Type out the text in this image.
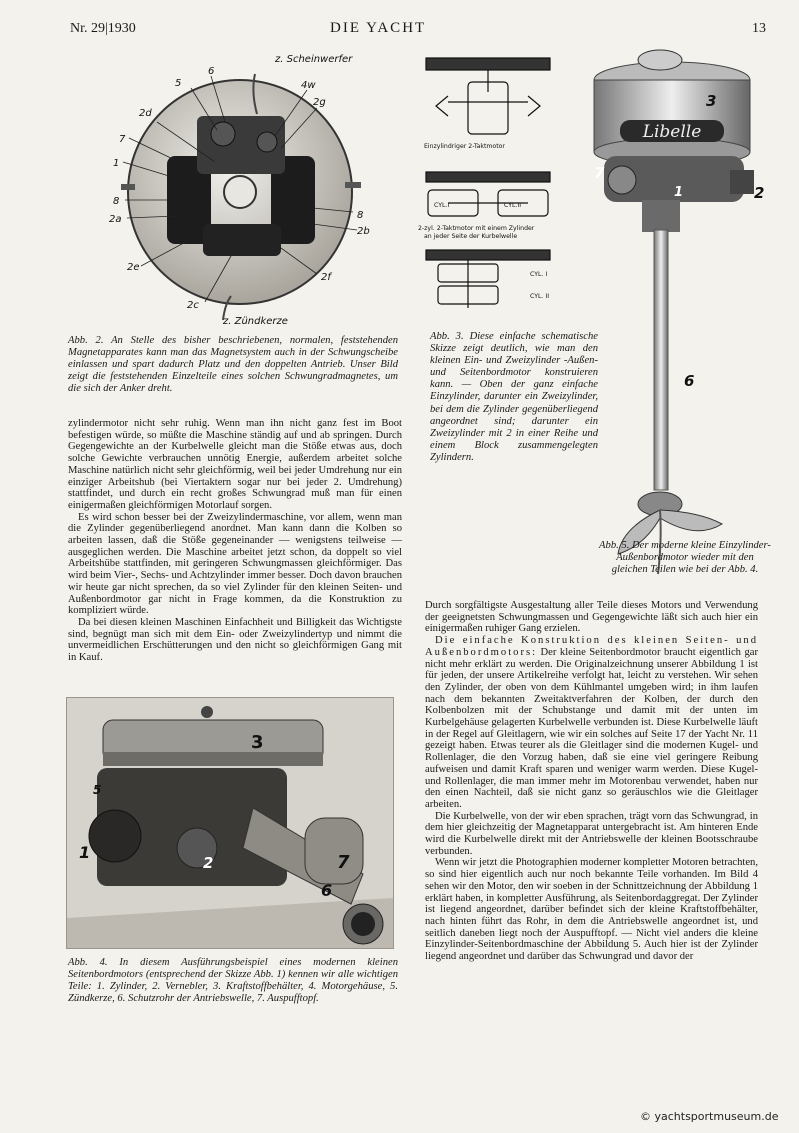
Nr. 29|1930	DIE YACHT	13
z. Scheinwerfer
5
6
4w
2g
2d
7
1
8
2a	8
2b
2e
2f
2c
z. Zündkerze
Abb. 2. An Stelle des bisher beschriebenen, normalen, feststehenden Magnetapparates kann man das Magnetsystem auch in der Schwungscheibe einlassen und spart dadurch Platz und den doppelten Antrieb. Unser Bild zeigt die feststehenden Einzelteile eines solchen Schwungradmagnetes, um die sich der Anker dreht.
Einzylindriger 2-Taktmotor
CYL.I	CYL.II
2-zyl. 2-Taktmotor mit einem Zylinder
an jeder Seite der Kurbelwelle
CYL. I
CYL. II
Abb. 3. Diese einfache schematische Skizze zeigt deutlich, wie man den kleinen Ein- und Zweizylinder -Außen- und Seitenbordmotor konstruieren kann. — Oben der ganz einfache Einzylinder, darunter ein Zweizylinder, bei dem die Zylinder gegenüberliegend angeordnet sind; darunter ein Zweizylinder mit 2 in einer Reihe und einem Block zusammengelegten Zylindern.
Libelle
3
7
1	2
6
Abb. 5. Der moderne kleine Einzylinder-Außenbordmotor wieder mit den gleichen Teilen wie bei der Abb. 4.

zylindermotor nicht sehr ruhig. Wenn man ihn nicht ganz fest im Boot befestigen würde, so müßte die Maschine ständig auf und ab springen. Durch Gegengewichte an der Kurbelwelle gleicht man die Stöße etwas aus, doch solche Gewichte verbrauchen unnötig Energie, außerdem arbeitet solche Maschine natürlich nicht sehr gleichförmig, weil bei jeder Umdrehung nur ein einziger Arbeitshub (bei Viertaktern sogar nur bei jeder 2. Umdrehung) stattfindet, und durch ein recht großes Schwungrad muß man für einen einigermaßen gleichförmigen Motorlauf sorgen.

Es wird schon besser bei der Zweizylindermaschine, vor allem, wenn man die Zylinder gegenüberliegend anordnet. Man kann dann die Kolben so arbeiten lassen, daß die Stöße gegeneinander — wenigstens teilweise — ausgeglichen werden. Die Maschine arbeitet jetzt schon, da doppelt so viel Arbeitshübe stattfinden, mit geringeren Schwungmassen gleichförmiger. Das wird beim Vier-, Sechs- und Achtzylinder immer besser. Doch davon brauchen wir heute gar nicht sprechen, da so viel Zylinder für den kleinen Seiten- und Außenbordmotor gar nicht in Frage kommen, da die Konstruktion zu kompliziert würde.

Da bei diesen kleinen Maschinen Einfachheit und Billigkeit das Wichtigste sind, begnügt man sich mit dem Ein- oder Zweizylindertyp und nimmt die unvermeidlichen Erschütterungen und den nicht so gleichförmigen Gang mit in Kauf.

3
5
1
2	7
6
Abb. 4. In diesem Ausführungsbeispiel eines modernen kleinen Seitenbordmotors (entsprechend der Skizze Abb. 1) kennen wir alle wichtigen Teile: 1. Zylinder, 2. Vernebler, 3. Kraftstoffbehälter, 4. Motorgehäuse, 5. Zündkerze, 6. Schutzrohr der Antriebswelle, 7. Auspufftopf.

Durch sorgfältigste Ausgestaltung aller Teile dieses Motors und Verwendung der geeignetsten Schwungmassen und Gegengewichte läßt sich auch hier ein einigermaßen ruhiger Gang erzielen.

Die einfache Konstruktion des kleinen Seiten- und Außenbordmotors: Der kleine Seitenbordmotor braucht eigentlich gar nicht mehr erklärt zu werden. Die Originalzeichnung unserer Abbildung 1 ist für jeden, der unsere Artikelreihe verfolgt hat, leicht zu verstehen. Wir sehen den Zylinder, der oben von dem Kühlmantel umgeben wird; in ihm laufen nach dem bekannten Zweitaktverfahren der Kolben, der durch den Kolbenbolzen mit der Schubstange und damit mit der unten im Kurbelgehäuse gelagerten Kurbelwelle verbunden ist. Diese Kurbelwelle läuft in der Regel auf Gleitlagern, wie wir ein solches auf Seite 17 der Yacht Nr. 11 gezeigt haben. Etwas teurer als die Gleitlager sind die modernen Kugel- und Rollenlager, die den Vorzug haben, daß sie eine viel geringere Reibung aufweisen und damit Kraft sparen und weniger warm werden. Diese Kugel- und Rollenlager, die man immer mehr im Motorenbau verwendet, haben nur den einen Nachteil, daß sie nicht ganz so geräuschlos wie die Gleitlager arbeiten.

Die Kurbelwelle, von der wir eben sprachen, trägt vorn das Schwungrad, in dem hier gleichzeitig der Magnetapparat untergebracht ist. Am hinteren Ende wird die Kurbelwelle direkt mit der Antriebswelle der kleinen Bootsschraube verbunden.

Wenn wir jetzt die Photographien moderner kompletter Motoren betrachten, so sind hier eigentlich auch nur noch bekannte Teile vorhanden. Im Bild 4 sehen wir den Motor, den wir soeben in der Schnittzeichnung der Abbildung 1 erklärt haben, in kompletter Ausführung, als Seitenbordaggregat. Der Zylinder ist liegend angeordnet, darüber befindet sich der kleine Kraftstoffbehälter, nach hinten führt das Rohr, in dem die Antriebswelle angeordnet ist, und seitlich daneben liegt noch der Auspufftopf. — Nicht viel anders die kleine Einzylinder-Seitenbordmaschine der Abbildung 5. Auch hier ist der Zylinder liegend angeordnet und darüber das Schwungrad und davor der

© yachtsportmuseum.de
